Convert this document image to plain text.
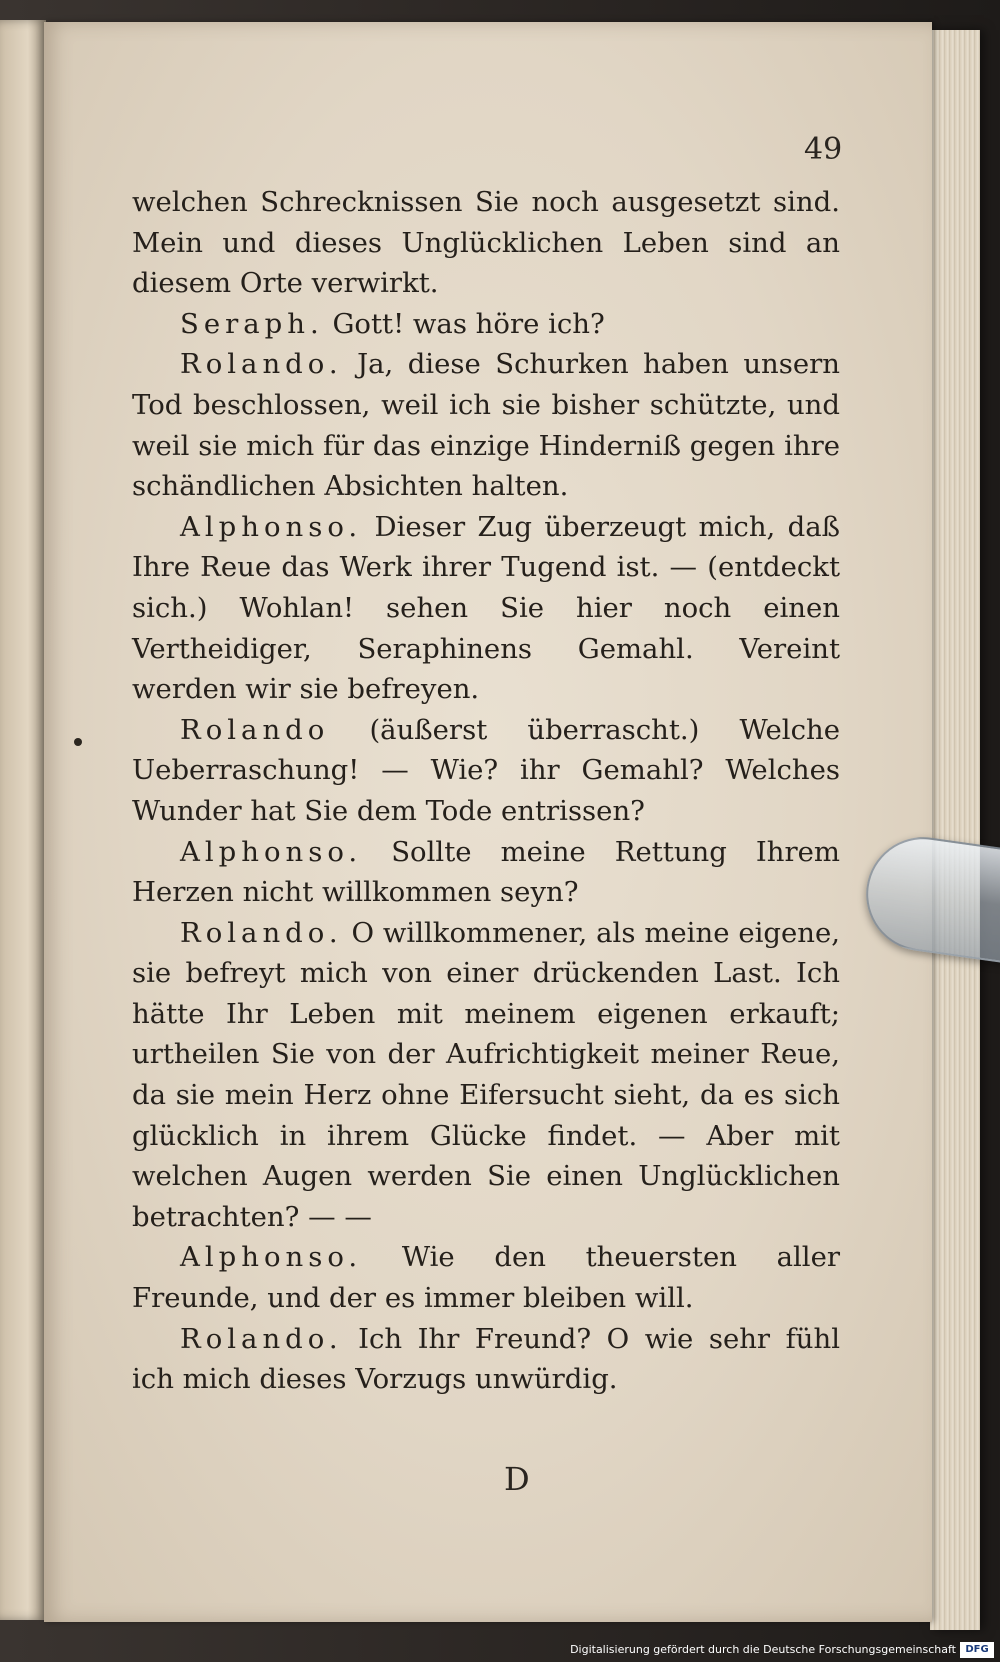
49

welchen Schrecknissen Sie noch ausgesetzt sind. Mein und dieses Unglücklichen Leben sind an diesem Orte verwirkt.

Seraph. Gott! was höre ich?

Rolando. Ja, diese Schurken haben unsern Tod beschlossen, weil ich sie bisher schützte, und weil sie mich für das einzige Hinderniß gegen ihre schändlichen Absichten halten.

Alphonso. Dieser Zug überzeugt mich, daß Ihre Reue das Werk ihrer Tugend ist. — (entdeckt sich.) Wohlan! sehen Sie hier noch einen Vertheidiger, Seraphinens Gemahl. Vereint werden wir sie befreyen.

Rolando (äußerst überrascht.) Welche Ueberraschung! — Wie? ihr Gemahl? Welches Wunder hat Sie dem Tode entrissen?

Alphonso. Sollte meine Rettung Ihrem Herzen nicht willkommen seyn?

Rolando. O willkommener, als meine eigene, sie befreyt mich von einer drückenden Last. Ich hätte Ihr Leben mit meinem eigenen erkauft; urtheilen Sie von der Aufrichtigkeit meiner Reue, da sie mein Herz ohne Eifersucht sieht, da es sich glücklich in ihrem Glücke findet. — Aber mit welchen Augen werden Sie einen Unglücklichen betrachten? — —

Alphonso. Wie den theuersten aller Freunde, und der es immer bleiben will.

Rolando. Ich Ihr Freund? O wie sehr fühl ich mich dieses Vorzugs unwürdig.

D
Digitalisierung gefördert durch die Deutsche Forschungsgemeinschaft DFG
